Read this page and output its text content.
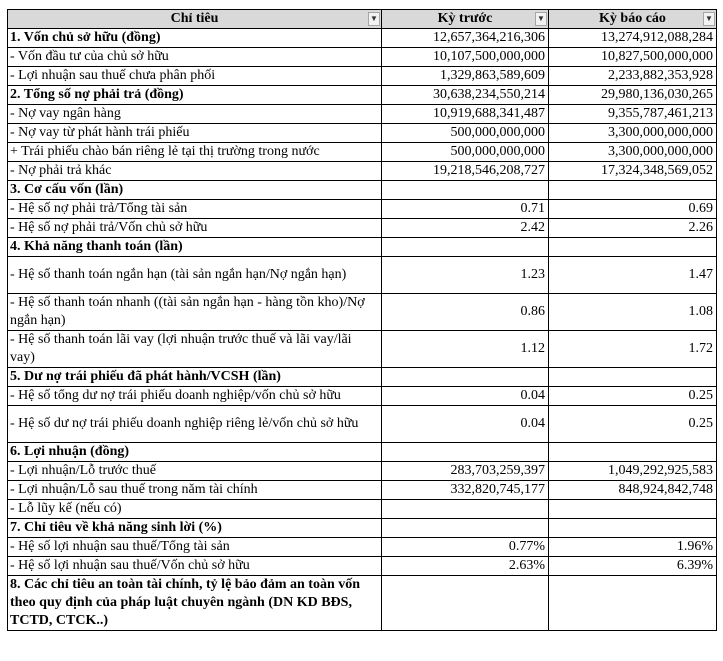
Chỉ tiêu ▼	Kỳ trước ▼	Kỳ báo cáo ▼

1. Vốn chủ sở hữu (đồng)	12,657,364,216,306	13,274,912,088,284
- Vốn đầu tư của chủ sở hữu	10,107,500,000,000	10,827,500,000,000
- Lợi nhuận sau thuế chưa phân phối	1,329,863,589,609	2,233,882,353,928
2. Tổng số nợ phải trả (đồng)	30,638,234,550,214	29,980,136,030,265
- Nợ vay ngân hàng	10,919,688,341,487	9,355,787,461,213
- Nợ vay từ phát hành trái phiếu	500,000,000,000	3,300,000,000,000
+ Trái phiếu chào bán riêng lẻ tại thị trường trong nước	500,000,000,000	3,300,000,000,000
- Nợ phải trả khác	19,218,546,208,727	17,324,348,569,052
3. Cơ cấu vốn (lần)		
- Hệ số nợ phải trả/Tổng tài sản	0.71	0.69
- Hệ số nợ phải trả/Vốn chủ sở hữu	2.42	2.26
4. Khả năng thanh toán (lần)		
- Hệ số thanh toán ngắn hạn (tài sản ngắn hạn/Nợ ngắn hạn)	1.23	1.47
- Hệ số thanh toán nhanh ((tài sản ngắn hạn - hàng tồn kho)/Nợ ngắn hạn)	0.86	1.08
- Hệ số thanh toán lãi vay (lợi nhuận trước thuế và lãi vay/lãi vay)	1.12	1.72
5. Dư nợ trái phiếu đã phát hành/VCSH (lần)		
- Hệ số tổng dư nợ trái phiếu doanh nghiệp/vốn chủ sở hữu	0.04	0.25
- Hệ số dư nợ trái phiếu doanh nghiệp riêng lẻ/vốn chủ sở hữu	0.04	0.25
6. Lợi nhuận (đồng)		
- Lợi nhuận/Lỗ trước thuế	283,703,259,397	1,049,292,925,583
- Lợi nhuận/Lỗ sau thuế trong năm tài chính	332,820,745,177	848,924,842,748
- Lỗ lũy kế (nếu có)		
7. Chỉ tiêu về khả năng sinh lời (%)		
- Hệ số lợi nhuận sau thuế/Tổng tài sản	0.77%	1.96%
- Hệ số lợi nhuận sau thuế/Vốn chủ sở hữu	2.63%	6.39%
8. Các chỉ tiêu an toàn tài chính, tỷ lệ bảo đảm an toàn vốn theo quy định của pháp luật chuyên ngành (DN KD BĐS, TCTD, CTCK..)		
